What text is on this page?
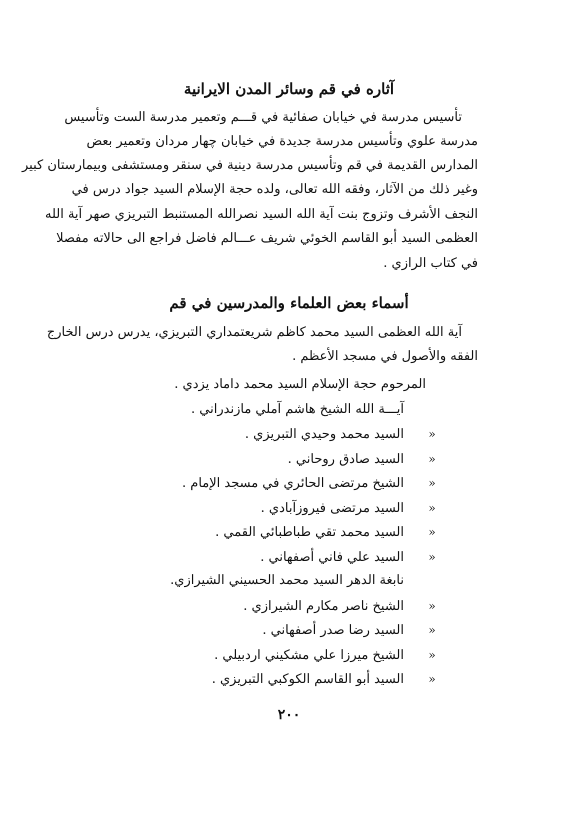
آثاره في قم وسائر المدن الايرانية
تأسيس مدرسة في خيابان صفائية في قـــم وتعمير مدرسة الست وتأسيس
مدرسة علوي وتأسيس مدرسة جديدة في خيابان چهار مردان وتعمير بعض
المدارس القديمة في قم وتأسيس مدرسة دينية في سنقر ومستشفى وبيمارستان كبير
وغير ذلك من الآثار، وفقه الله تعالى، ولده حجة الإسلام السيد جواد درس في
النجف الأشرف وتزوج بنت آية الله السيد نصرالله المستنبط التبريزي صهر آية الله
العظمى السيد أبو القاسم الخوئي شريف عـــالم فاضل فراجع الى حالاته مفصلا
في كتاب الرازي .
أسماء بعض العلماء والمدرسين في قم
آية الله العظمى السيد محمد كاظم شريعتمداري التبريزي، يدرس درس الخارج
الفقه والأصول في مسجد الأعظم .
المرحوم حجة الإسلام السيد محمد داماد يزدي .
آيـــة الله الشيخ هاشم آملي مازندراني .
«السيد محمد وحيدي التبريزي .
«السيد صادق روحاني .
«الشيخ مرتضى الحائري في مسجد الإمام .
«السيد مرتضى فيروزآبادي .
«السيد محمد تقي طباطبائي القمي .
«السيد علي فاني أصفهاني .
نابغة الدهر السيد محمد الحسيني الشيرازي.
«الشيخ ناصر مكارم الشيرازي .
«السيد رضا صدر أصفهاني .
«الشيخ ميرزا علي مشكيني اردبيلي .
«السيد أبو القاسم الكوكبي التبريزي .
٢٠٠
